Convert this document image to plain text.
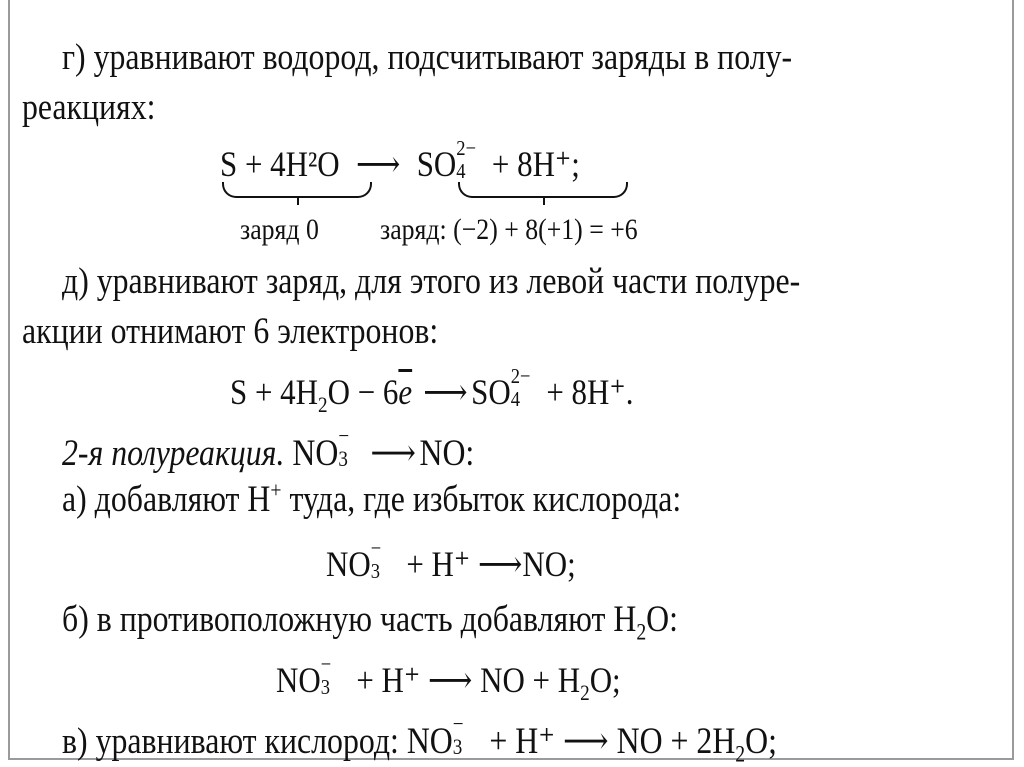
г) уравнивают водород, подсчитывают заряды в полу-
реакциях:
S + 4H²O ⟶ SO 2−
4 + 8H⁺;
заряд 0 заряд: (−2) + 8(+1) = +6
д) уравнивают заряд, для этого из левой части полуре-
акции отнимают 6 электронов:
$S + 4H_2O - 6\overline{e}$ ⟶SO 2−
4 + 8H⁺.
2-я полуреакция. NO −
3 ⟶NO:
а) добавляют H+ туда, где избыток кислорода:
NO −
3 + H⁺ ⟶NO;
б) в противоположную часть добавляют $H_2O$:
NO −
3 + H⁺ ⟶ NO + $H_2O$;
в) уравнивают кислород: NO −
3 + H⁺ ⟶ NO + $2H_2O$;
